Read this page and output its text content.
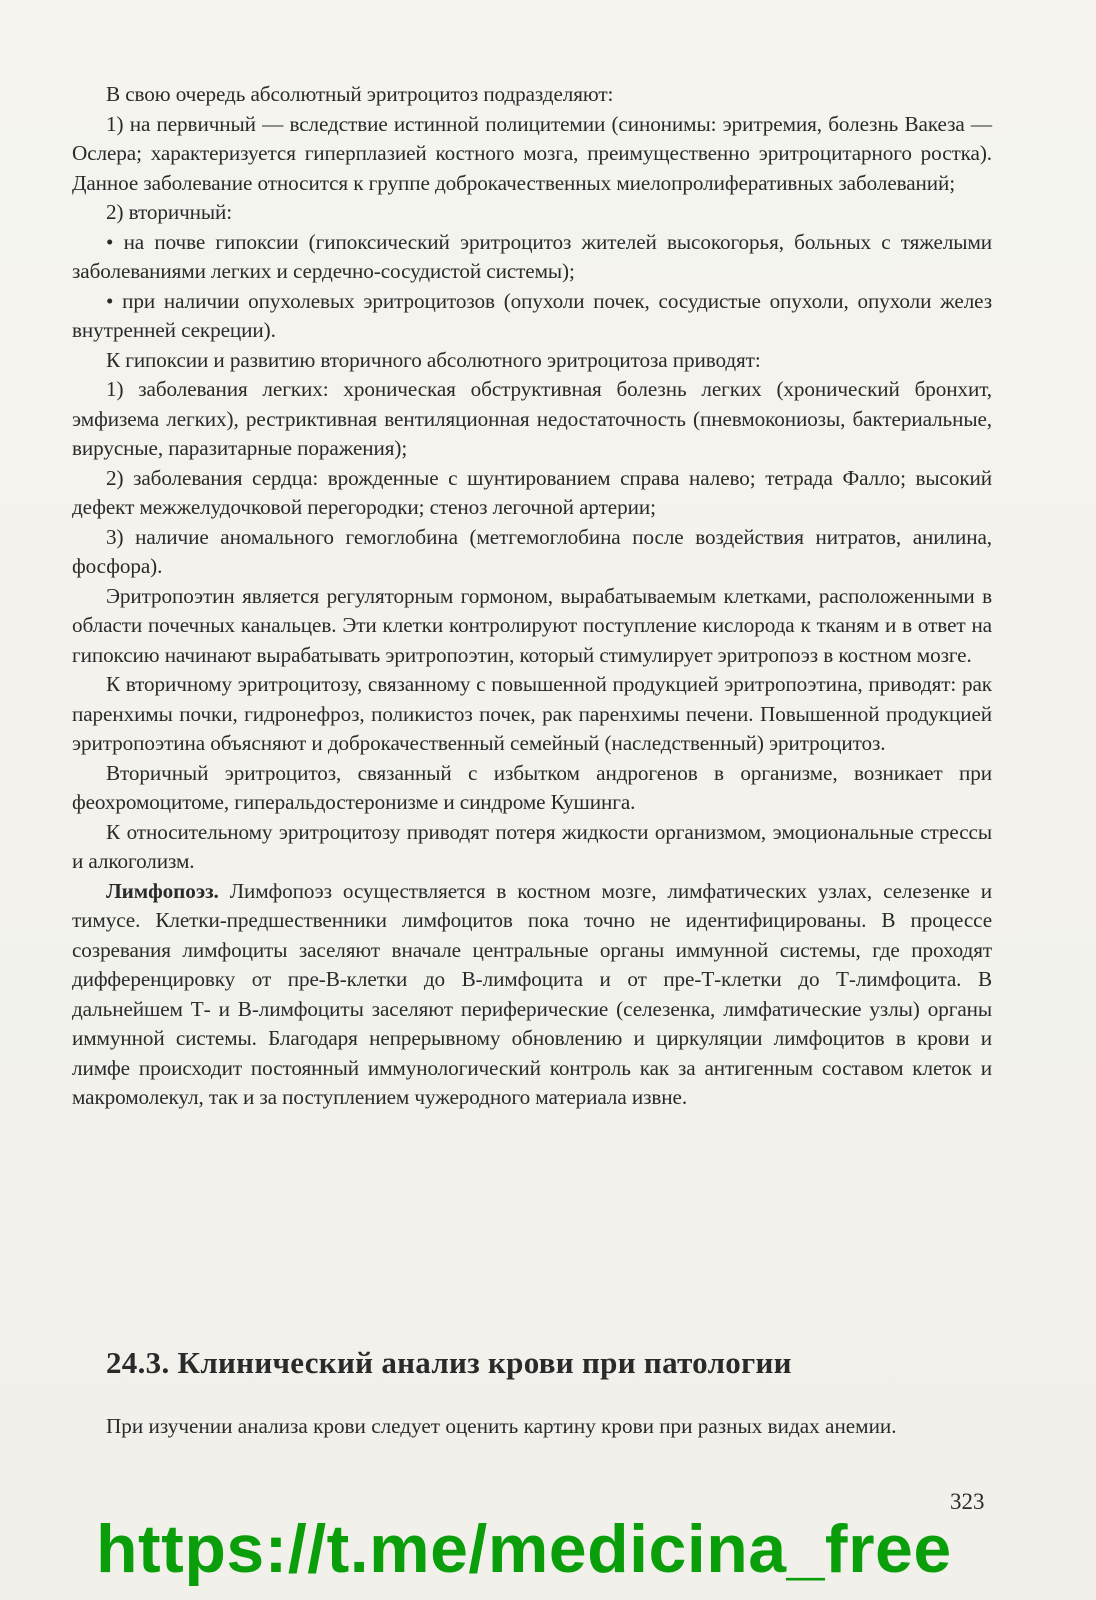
В свою очередь абсолютный эритроцитоз подразделяют:

1) на первичный — вследствие истинной полицитемии (синонимы: эритремия, болезнь Вакеза — Ослера; характеризуется гиперплазией костного мозга, преимущественно эритроцитарного ростка). Данное заболевание относится к группе доброкачественных миелопролиферативных заболеваний;

2) вторичный:

• на почве гипоксии (гипоксический эритроцитоз жителей высокогорья, больных с тяжелыми заболеваниями легких и сердечно-сосудистой системы);

• при наличии опухолевых эритроцитозов (опухоли почек, сосудистые опухоли, опухоли желез внутренней секреции).

К гипоксии и развитию вторичного абсолютного эритроцитоза приводят:

1) заболевания легких: хроническая обструктивная болезнь легких (хронический бронхит, эмфизема легких), рестриктивная вентиляционная недостаточность (пневмокониозы, бактериальные, вирусные, паразитарные поражения);

2) заболевания сердца: врожденные с шунтированием справа налево; тетрада Фалло; высокий дефект межжелудочковой перегородки; стеноз легочной артерии;

3) наличие аномального гемоглобина (метгемоглобина после воздействия нитратов, анилина, фосфора).

Эритропоэтин является регуляторным гормоном, вырабатываемым клетками, расположенными в области почечных канальцев. Эти клетки контролируют поступление кислорода к тканям и в ответ на гипоксию начинают вырабатывать эритропоэтин, который стимулирует эритропоэз в костном мозге.

К вторичному эритроцитозу, связанному с повышенной продукцией эритропоэтина, приводят: рак паренхимы почки, гидронефроз, поликистоз почек, рак паренхимы печени. Повышенной продукцией эритропоэтина объясняют и доброкачественный семейный (наследственный) эритроцитоз.

Вторичный эритроцитоз, связанный с избытком андрогенов в организме, возникает при феохромоцитоме, гиперальдостеронизме и синдроме Кушинга.

К относительному эритроцитозу приводят потеря жидкости организмом, эмоциональные стрессы и алкоголизм.

Лимфопоэз. Лимфопоэз осуществляется в костном мозге, лимфатических узлах, селезенке и тимусе. Клетки-предшественники лимфоцитов пока точно не идентифицированы. В процессе созревания лимфоциты заселяют вначале центральные органы иммунной системы, где проходят дифференцировку от пре-В-клетки до В-лимфоцита и от пре-Т-клетки до Т-лимфоцита. В дальнейшем Т- и В-лимфоциты заселяют периферические (селезенка, лимфатические узлы) органы иммунной системы. Благодаря непрерывному обновлению и циркуляции лимфоцитов в крови и лимфе происходит постоянный иммунологический контроль как за антигенным составом клеток и макромолекул, так и за поступлением чужеродного материала извне.

24.3. Клинический анализ крови при патологии

При изучении анализа крови следует оценить картину крови при разных видах анемии.

323
https://t.me/medicina_free
